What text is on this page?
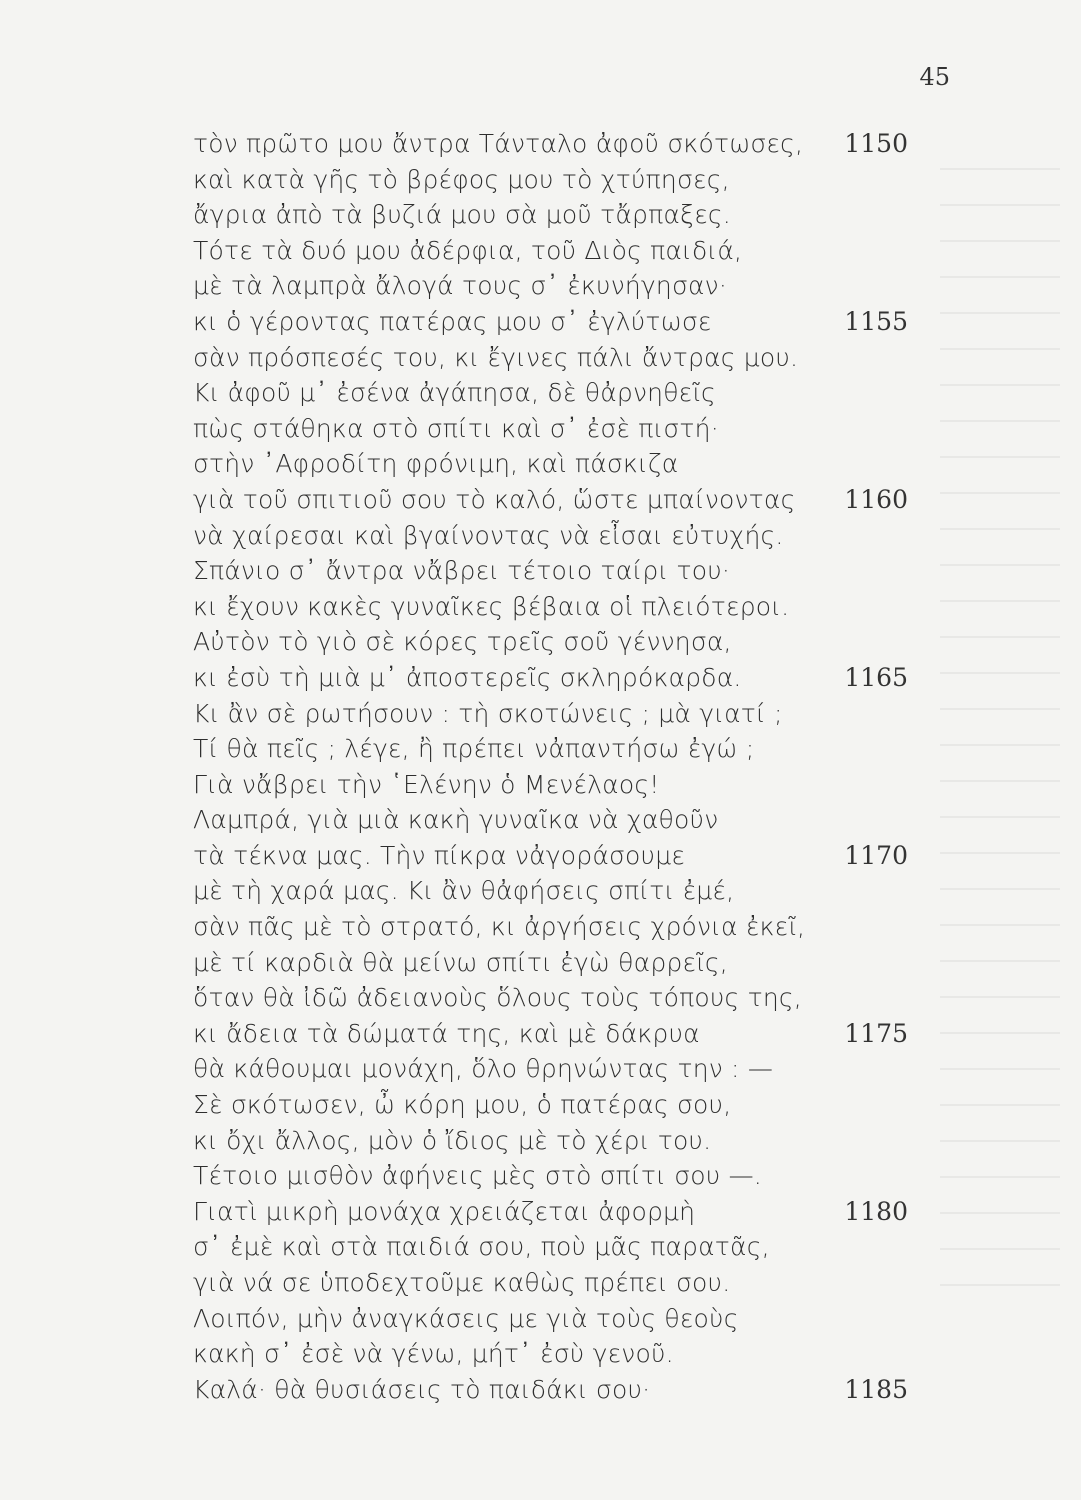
45
τὸν πρῶτο μου ἄντρα Τάνταλο ἀφοῦ σκότωσες,	1150
καὶ κατὰ γῆς τὸ βρέφος μου τὸ χτύπησες,
ἄγρια ἀπὸ τὰ βυζιά μου σὰ μοῦ τἄρπαξες.
Τότε τὰ δυό μου ἀδέρφια, τοῦ Διὸς παιδιά,
μὲ τὰ λαμπρὰ ἄλογά τους σ᾽ ἐκυνήγησαν·
κι ὁ γέροντας πατέρας μου σ᾽ ἐγλύτωσε	1155
σὰν πρόσπεσές του, κι ἔγινες πάλι ἄντρας μου.
Κι ἀφοῦ μ᾽ ἐσένα ἀγάπησα, δὲ θἀρνηθεῖς
πὼς στάθηκα στὸ σπίτι καὶ σ᾽ ἐσὲ πιστή·
στὴν ᾽Αφροδίτη φρόνιμη, καὶ πάσκιζα
γιὰ τοῦ σπιτιοῦ σου τὸ καλό, ὥστε μπαίνοντας	1160
νὰ χαίρεσαι καὶ βγαίνοντας νὰ εἶσαι εὐτυχής.
Σπάνιο σ᾽ ἄντρα νἄβρει τέτοιο ταίρι του·
κι ἔχουν κακὲς γυναῖκες βέβαια οἱ πλειότεροι.
Αὐτὸν τὸ γιὸ σὲ κόρες τρεῖς σοῦ γέννησα,
κι ἐσὺ τὴ μιὰ μ᾽ ἀποστερεῖς σκληρόκαρδα.	1165
Κι ἂν σὲ ρωτήσουν : τὴ σκοτώνεις ; μὰ γιατί ;
Τί θὰ πεῖς ; λέγε, ἢ πρέπει νἀπαντήσω ἐγώ ;
Γιὰ νἄβρει τὴν ῾Ελένην ὁ Μενέλαος!
Λαμπρά, γιὰ μιὰ κακὴ γυναῖκα νὰ χαθοῦν
τὰ τέκνα μας. Τὴν πίκρα νἀγοράσουμε	1170
μὲ τὴ χαρά μας. Κι ἂν θἀφήσεις σπίτι ἐμέ,
σὰν πᾶς μὲ τὸ στρατό, κι ἀργήσεις χρόνια ἐκεῖ,
μὲ τί καρδιὰ θὰ μείνω σπίτι ἐγὼ θαρρεῖς,
ὅταν θὰ ἰδῶ ἀδειανοὺς ὅλους τοὺς τόπους της,
κι ἄδεια τὰ δώματά της, καὶ μὲ δάκρυα	1175
θὰ κάθουμαι μονάχη, ὅλο θρηνώντας την : —
Σὲ σκότωσεν, ὦ κόρη μου, ὁ πατέρας σου,
κι ὄχι ἄλλος, μὸν ὁ ἴδιος μὲ τὸ χέρι του.
Τέτοιο μισθὸν ἀφήνεις μὲς στὸ σπίτι σου —.
Γιατὶ μικρὴ μονάχα χρειάζεται ἀφορμὴ	1180
σ᾽ ἐμὲ καὶ στὰ παιδιά σου, ποὺ μᾶς παρατᾶς,
γιὰ νά σε ὑποδεχτοῦμε καθὼς πρέπει σου.
Λοιπόν, μὴν ἀναγκάσεις με γιὰ τοὺς θεοὺς
κακὴ σ᾽ ἐσὲ νὰ γένω, μήτ᾽ ἐσὺ γενοῦ.
Καλά· θὰ θυσιάσεις τὸ παιδάκι σου·	1185
